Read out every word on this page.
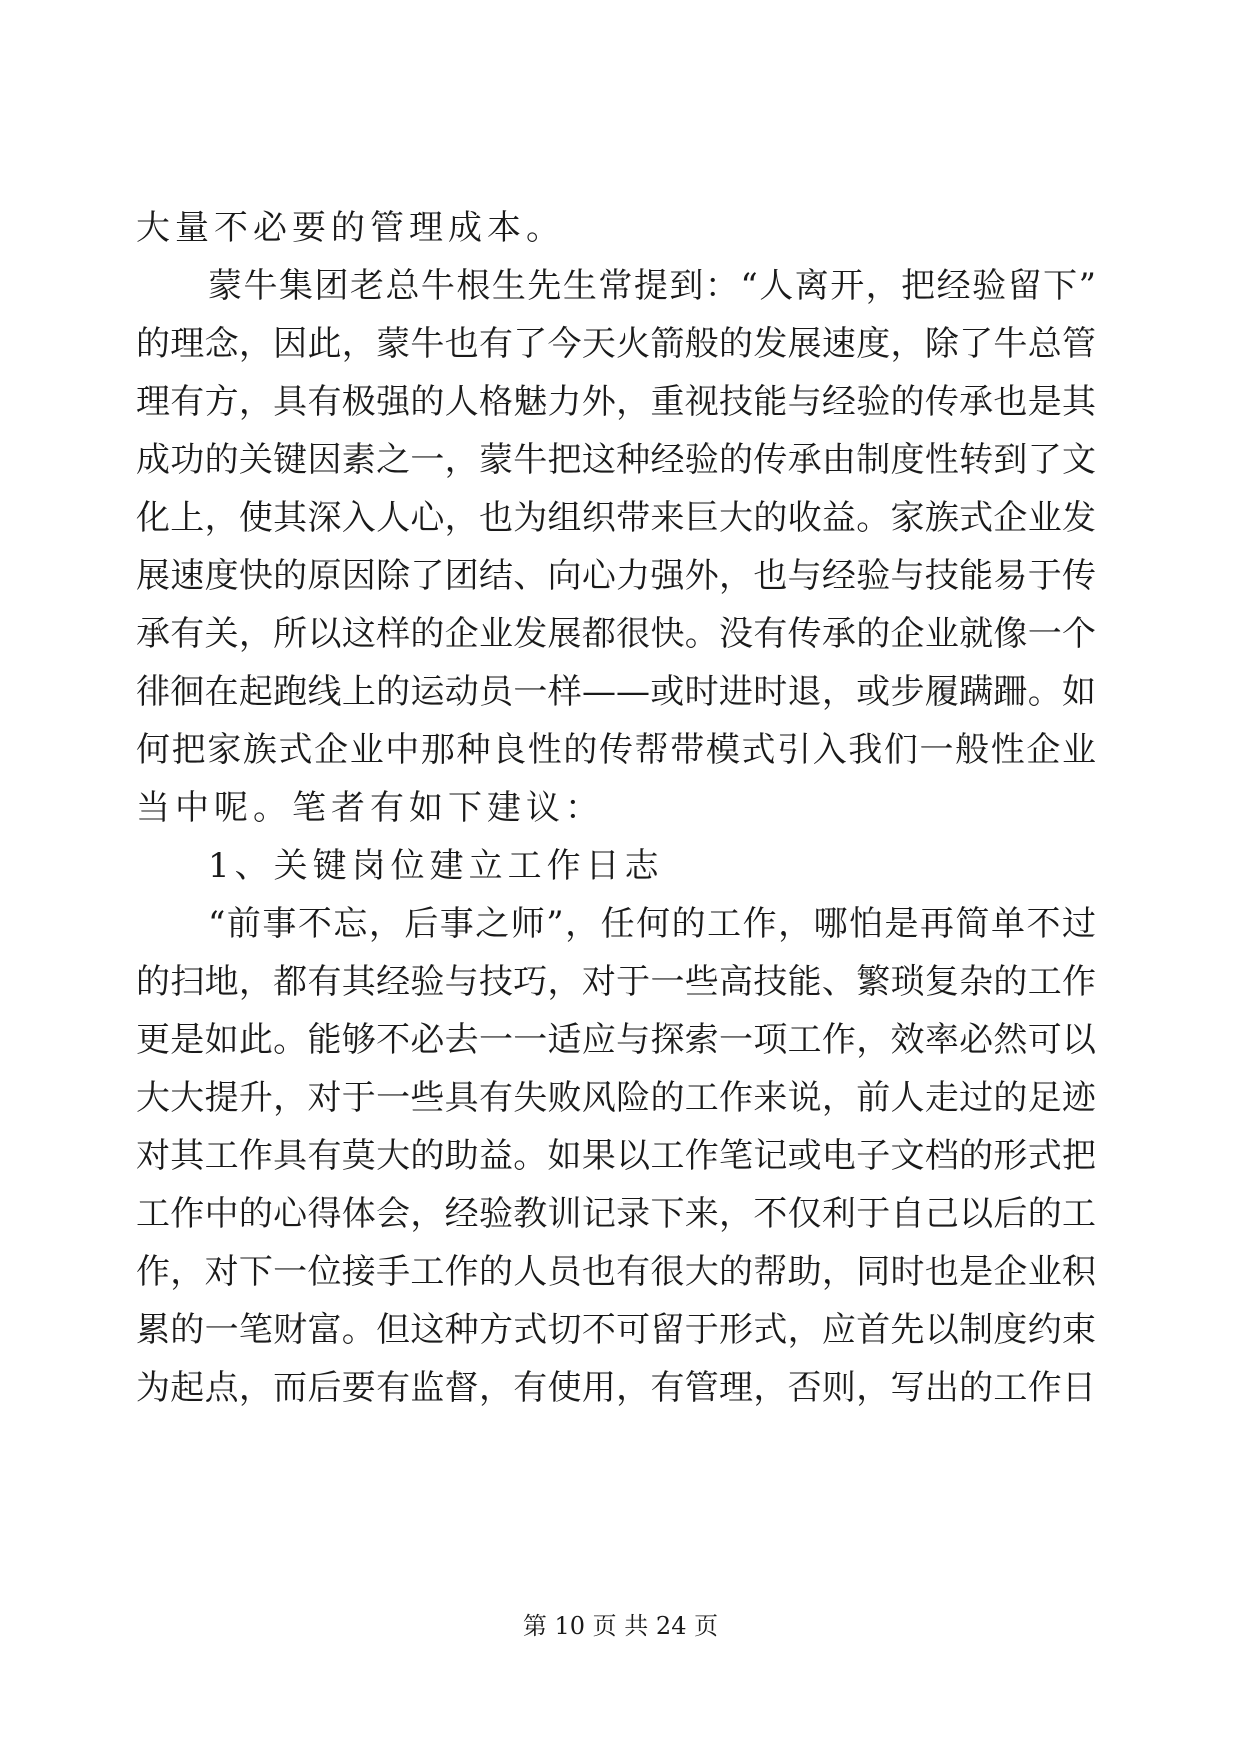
大量不必要的管理成本。
蒙牛集团老总牛根生先生常提到：“人离开，把经验留下”
的理念，因此，蒙牛也有了今天火箭般的发展速度，除了牛总管
理有方，具有极强的人格魅力外，重视技能与经验的传承也是其
成功的关键因素之一，蒙牛把这种经验的传承由制度性转到了文
化上，使其深入人心，也为组织带来巨大的收益。家族式企业发
展速度快的原因除了团结、向心力强外，也与经验与技能易于传
承有关，所以这样的企业发展都很快。没有传承的企业就像一个
徘徊在起跑线上的运动员一样——或时进时退，或步履蹒跚。如
何把家族式企业中那种良性的传帮带模式引入我们一般性企业
当中呢。笔者有如下建议：
1、关键岗位建立工作日志
“前事不忘，后事之师”，任何的工作，哪怕是再简单不过
的扫地，都有其经验与技巧，对于一些高技能、繁琐复杂的工作
更是如此。能够不必去一一适应与探索一项工作，效率必然可以
大大提升，对于一些具有失败风险的工作来说，前人走过的足迹
对其工作具有莫大的助益。如果以工作笔记或电子文档的形式把
工作中的心得体会，经验教训记录下来，不仅利于自己以后的工
作，对下一位接手工作的人员也有很大的帮助，同时也是企业积
累的一笔财富。但这种方式切不可留于形式，应首先以制度约束
为起点，而后要有监督，有使用，有管理，否则，写出的工作日
第 10 页 共 24 页
